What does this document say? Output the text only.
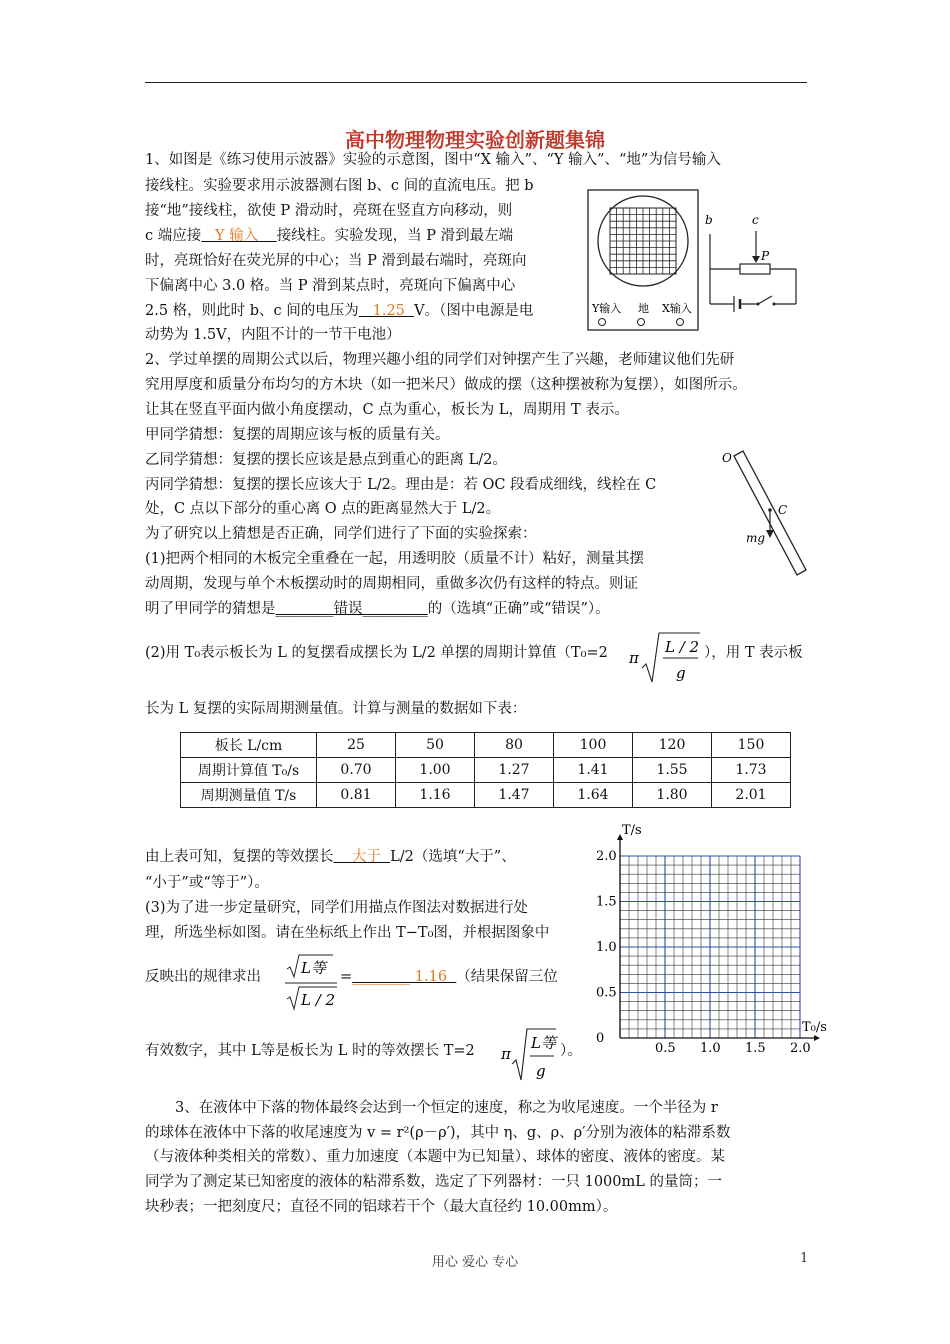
高中物理物理实验创新题集锦
1、如图是《练习使用示波器》实验的示意图，图中“X 输入”、“Y 输入”、“地”为信号输入
接线柱。实验要求用示波器测右图 b、c 间的直流电压。把 b
接“地”接线柱，欲使 P 滑动时，亮斑在竖直方向移动，则
c 端应接   Y 输入    接线柱。实验发现，当 P 滑到最左端
时，亮斑恰好在荧光屏的中心；当 P 滑到最右端时，亮斑向
下偏离中心 3.0 格。当 P 滑到某点时，亮斑向下偏离中心
2.5 格，则此时 b、c 间的电压为   1.25  V。（图中电源是电
动势为 1.5V，内阻不计的一节干电池）
Y输入 地 X输入
b	c
P
2、学过单摆的周期公式以后，物理兴趣小组的同学们对钟摆产生了兴趣，老师建议他们先研
究用厚度和质量分布均匀的方木块（如一把米尺）做成的摆（这种摆被称为复摆），如图所示。
让其在竖直平面内做小角度摆动，C 点为重心，板长为 L，周期用 T 表示。
甲同学猜想：复摆的周期应该与板的质量有关。
乙同学猜想：复摆的摆长应该是悬点到重心的距离 L/2。
丙同学猜想：复摆的摆长应该大于 L/2。理由是：若 OC 段看成细线，线栓在 C
处，C 点以下部分的重心离 O 点的距离显然大于 L/2。
为了研究以上猜想是否正确，同学们进行了下面的实验探索：
(1)把两个相同的木板完全重叠在一起，用透明胶（质量不计）粘好，测量其摆
动周期，发现与单个木板摆动时的周期相同，重做多次仍有这样的特点。则证
明了甲同学的猜想是________错误_________的（选填“正确”或“错误”）。
O
C
mg
(2)用 T₀表示板长为 L 的复摆看成摆长为 L/2 单摆的周期计算值（T₀=2 π
L / 2
g
），用 T 表示板
长为 L 复摆的实际周期测量值。计算与测量的数据如下表：
板长 L/cm	25	50	80	100	120	150
周期计算值 T₀/s	0.70	1.00	1.27	1.41	1.55	1.73
周期测量值 T/s	0.81	1.16	1.47	1.64	1.80	2.01
由上表可知，复摆的等效摆长    大于  L/2（选填“大于”、
“小于”或“等于”）。
(3)为了进一步定量研究，同学们用描点作图法对数据进行处
理，所选坐标如图。请在坐标纸上作出 T−T₀图，并根据图象中
反映出的规律求出	L等
L / 2
=________ 1.16  （结果保留三位
有效数字，其中 L等是板长为 L 时的等效摆长 T=2 π
L等
g
）。	0.5 1.0 1.5 2.0
0
0.5
1.0
1.5
2.0
T/s
T₀/s
3、在液体中下落的物体最终会达到一个恒定的速度，称之为收尾速度。一个半径为 r
的球体在液体中下落的收尾速度为 v = r²(ρ－ρ′)，其中 η、g、ρ、ρ′分别为液体的粘滞系数
（与液体种类相关的常数）、重力加速度（本题中为已知量）、球体的密度、液体的密度。某
同学为了测定某已知密度的液体的粘滞系数，选定了下列器材：一只 1000mL 的量筒；一
块秒表；一把刻度尺；直径不同的铝球若干个（最大直径约 10.00mm）。
用心 爱心 专心	1
